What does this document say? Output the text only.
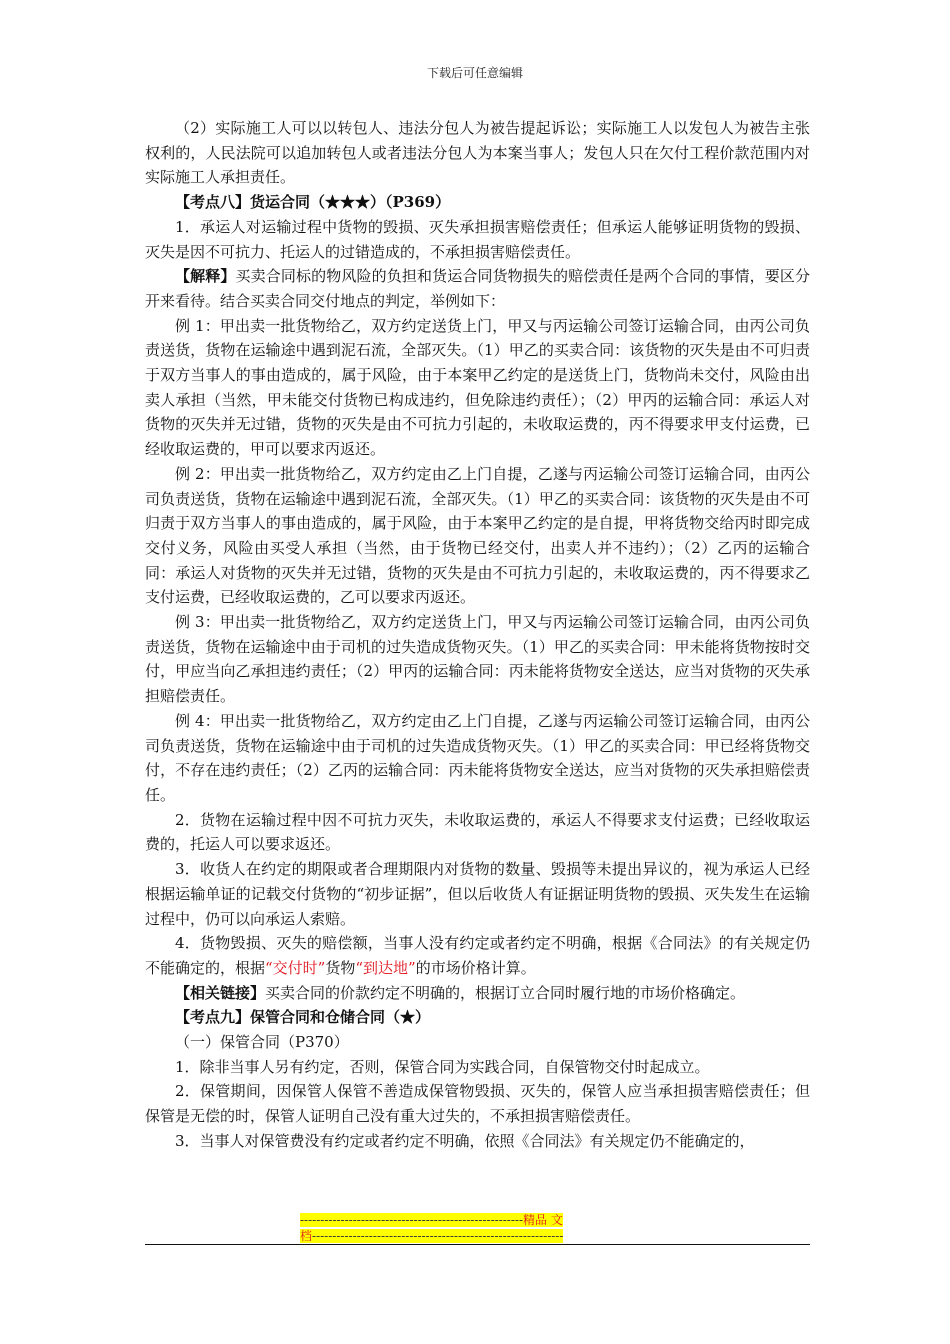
下载后可任意编辑

（2）实际施工人可以以转包人、违法分包人为被告提起诉讼；实际施工人以发包人为被告主张权利的，人民法院可以追加转包人或者违法分包人为本案当事人；发包人只在欠付工程价款范围内对实际施工人承担责任。

【考点八】货运合同（★★★）（P369）

1．承运人对运输过程中货物的毁损、灭失承担损害赔偿责任；但承运人能够证明货物的毁损、灭失是因不可抗力、托运人的过错造成的，不承担损害赔偿责任。

【解释】买卖合同标的物风险的负担和货运合同货物损失的赔偿责任是两个合同的事情，要区分开来看待。结合买卖合同交付地点的判定，举例如下：

例 1：甲出卖一批货物给乙，双方约定送货上门，甲又与丙运输公司签订运输合同，由丙公司负责送货，货物在运输途中遇到泥石流，全部灭失。（1）甲乙的买卖合同：该货物的灭失是由不可归责于双方当事人的事由造成的，属于风险，由于本案甲乙约定的是送货上门，货物尚未交付，风险由出卖人承担（当然，甲未能交付货物已构成违约，但免除违约责任）；（2）甲丙的运输合同：承运人对货物的灭失并无过错，货物的灭失是由不可抗力引起的，未收取运费的，丙不得要求甲支付运费，已经收取运费的，甲可以要求丙返还。

例 2：甲出卖一批货物给乙，双方约定由乙上门自提，乙遂与丙运输公司签订运输合同，由丙公司负责送货，货物在运输途中遇到泥石流，全部灭失。（1）甲乙的买卖合同：该货物的灭失是由不可归责于双方当事人的事由造成的，属于风险，由于本案甲乙约定的是自提，甲将货物交给丙时即完成交付义务，风险由买受人承担（当然，由于货物已经交付，出卖人并不违约）；（2）乙丙的运输合同：承运人对货物的灭失并无过错，货物的灭失是由不可抗力引起的，未收取运费的，丙不得要求乙支付运费，已经收取运费的，乙可以要求丙返还。

例 3：甲出卖一批货物给乙，双方约定送货上门，甲又与丙运输公司签订运输合同，由丙公司负责送货，货物在运输途中由于司机的过失造成货物灭失。（1）甲乙的买卖合同：甲未能将货物按时交付，甲应当向乙承担违约责任；（2）甲丙的运输合同：丙未能将货物安全送达，应当对货物的灭失承担赔偿责任。

例 4：甲出卖一批货物给乙，双方约定由乙上门自提，乙遂与丙运输公司签订运输合同，由丙公司负责送货，货物在运输途中由于司机的过失造成货物灭失。（1）甲乙的买卖合同：甲已经将货物交付，不存在违约责任；（2）乙丙的运输合同：丙未能将货物安全送达，应当对货物的灭失承担赔偿责任。

2．货物在运输过程中因不可抗力灭失，未收取运费的，承运人不得要求支付运费；已经收取运费的，托运人可以要求返还。

3．收货人在约定的期限或者合理期限内对货物的数量、毁损等未提出异议的，视为承运人已经根据运输单证的记载交付货物的“初步证据”，但以后收货人有证据证明货物的毁损、灭失发生在运输过程中，仍可以向承运人索赔。

4．货物毁损、灭失的赔偿额，当事人没有约定或者约定不明确，根据《合同法》的有关规定仍不能确定的，根据“交付时”货物“到达地”的市场价格计算。

【相关链接】买卖合同的价款约定不明确的，根据订立合同时履行地的市场价格确定。

【考点九】保管合同和仓储合同（★）

（一）保管合同（P370）

1．除非当事人另有约定，否则，保管合同为实践合同，自保管物交付时起成立。

2．保管期间，因保管人保管不善造成保管物毁损、灭失的，保管人应当承担损害赔偿责任；但保管是无偿的时，保管人证明自己没有重大过失的，不承担损害赔偿责任。

3．当事人对保管费没有约定或者约定不明确，依照《合同法》有关规定仍不能确定的，

-------------------------------------------------------精品 文
档--------------------------------------------------------------
